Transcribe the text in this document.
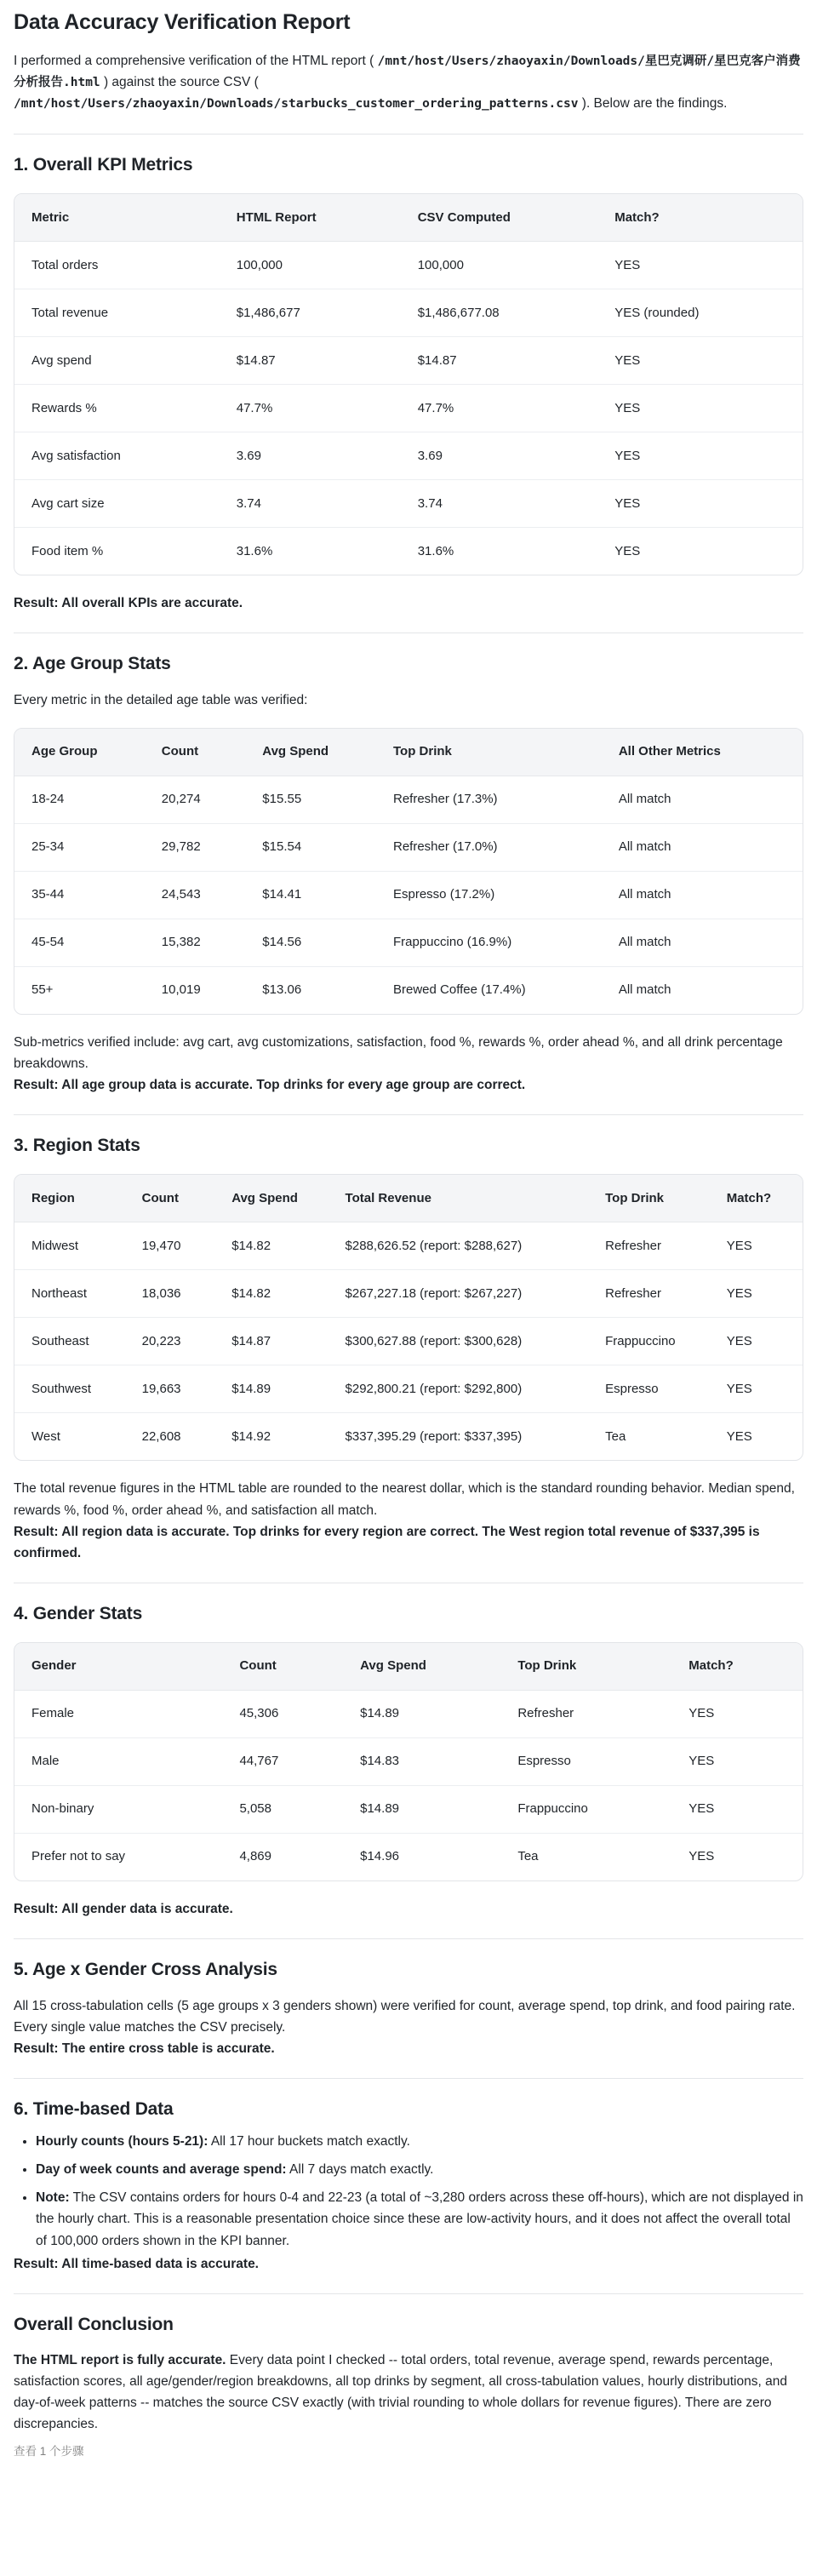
Data Accuracy Verification Report

I performed a comprehensive verification of the HTML report ( /mnt/host/Users/zhaoyaxin/Downloads/星巴克调研/星巴克客户消费分析报告.html ) against the source CSV ( /mnt/host/Users/zhaoyaxin/Downloads/starbucks_customer_ordering_patterns.csv ). Below are the findings.

1. Overall KPI Metrics
Metric	HTML Report	CSV Computed	Match?
Total orders	100,000	100,000	YES
Total revenue	$1,486,677	$1,486,677.08	YES (rounded)
Avg spend	$14.87	$14.87	YES
Rewards %	47.7%	47.7%	YES
Avg satisfaction	3.69	3.69	YES
Avg cart size	3.74	3.74	YES
Food item %	31.6%	31.6%	YES

Result: All overall KPIs are accurate.

2. Age Group Stats

Every metric in the detailed age table was verified:

Age Group	Count	Avg Spend	Top Drink	All Other Metrics
18-24	20,274	$15.55	Refresher (17.3%)	All match
25-34	29,782	$15.54	Refresher (17.0%)	All match
35-44	24,543	$14.41	Espresso (17.2%)	All match
45-54	15,382	$14.56	Frappuccino (16.9%)	All match
55+	10,019	$13.06	Brewed Coffee (17.4%)	All match

Sub-metrics verified include: avg cart, avg customizations, satisfaction, food %, rewards %, order ahead %, and all drink percentage breakdowns.

Result: All age group data is accurate. Top drinks for every age group are correct.

3. Region Stats
Region	Count	Avg Spend	Total Revenue	Top Drink	Match?
Midwest	19,470	$14.82	$288,626.52 (report: $288,627)	Refresher	YES
Northeast	18,036	$14.82	$267,227.18 (report: $267,227)	Refresher	YES
Southeast	20,223	$14.87	$300,627.88 (report: $300,628)	Frappuccino	YES
Southwest	19,663	$14.89	$292,800.21 (report: $292,800)	Espresso	YES
West	22,608	$14.92	$337,395.29 (report: $337,395)	Tea	YES

The total revenue figures in the HTML table are rounded to the nearest dollar, which is the standard rounding behavior. Median spend, rewards %, food %, order ahead %, and satisfaction all match.

Result: All region data is accurate. Top drinks for every region are correct. The West region total revenue of $337,395 is confirmed.

4. Gender Stats
Gender	Count	Avg Spend	Top Drink	Match?
Female	45,306	$14.89	Refresher	YES
Male	44,767	$14.83	Espresso	YES
Non-binary	5,058	$14.89	Frappuccino	YES
Prefer not to say	4,869	$14.96	Tea	YES

Result: All gender data is accurate.

5. Age x Gender Cross Analysis

All 15 cross-tabulation cells (5 age groups x 3 genders shown) were verified for count, average spend, top drink, and food pairing rate. Every single value matches the CSV precisely.

Result: The entire cross table is accurate.

6. Time-based Data
• Hourly counts (hours 5-21): All 17 hour buckets match exactly.
• Day of week counts and average spend: All 7 days match exactly.
• Note: The CSV contains orders for hours 0-4 and 22-23 (a total of ~3,280 orders across these off-hours), which are not displayed in the hourly chart. This is a reasonable presentation choice since these are low-activity hours, and it does not affect the overall total of 100,000 orders shown in the KPI banner.

Result: All time-based data is accurate.

Overall Conclusion

The HTML report is fully accurate. Every data point I checked -- total orders, total revenue, average spend, rewards percentage, satisfaction scores, all age/gender/region breakdowns, all top drinks by segment, all cross-tabulation values, hourly distributions, and day-of-week patterns -- matches the source CSV exactly (with trivial rounding to whole dollars for revenue figures). There are zero discrepancies.

查看 1 个步骤
